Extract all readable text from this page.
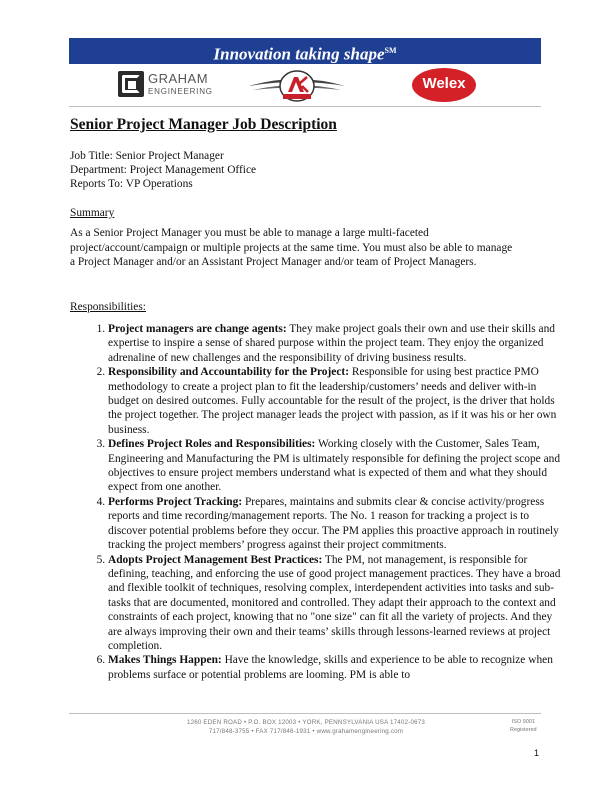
Innovation taking shape℠
GRAHAM
ENGINEERING	Welex
Senior Project Manager Job Description
Job Title: Senior Project Manager
Department: Project Management Office
Reports To: VP Operations
Summary
As a Senior Project Manager you must be able to manage a large multi-faceted project/account/campaign or multiple projects at the same time. You must also be able to manage a Project Manager and/or an Assistant Project Manager and/or team of Project Managers.
Responsibilities:
1. Project managers are change agents: They make project goals their own and use their skills and expertise to inspire a sense of shared purpose within the project team. They enjoy the organized adrenaline of new challenges and the responsibility of driving business results.
2. Responsibility and Accountability for the Project: Responsible for using best practice PMO methodology to create a project plan to fit the leadership/customers’ needs and deliver with-in budget on desired outcomes. Fully accountable for the result of the project, is the driver that holds the project together. The project manager leads the project with passion, as if it was his or her own business.
3. Defines Project Roles and Responsibilities: Working closely with the Customer, Sales Team, Engineering and Manufacturing the PM is ultimately responsible for defining the project scope and objectives to ensure project members understand what is expected of them and what they should expect from one another.
4. Performs Project Tracking: Prepares, maintains and submits clear & concise activity/progress reports and time recording/management reports. The No. 1 reason for tracking a project is to discover potential problems before they occur. The PM applies this proactive approach in routinely tracking the project members’ progress against their project commitments.
5. Adopts Project Management Best Practices: The PM, not management, is responsible for defining, teaching, and enforcing the use of good project management practices. They have a broad and flexible toolkit of techniques, resolving complex, interdependent activities into tasks and sub-tasks that are documented, monitored and controlled. They adapt their approach to the context and constraints of each project, knowing that no "one size" can fit all the variety of projects. And they are always improving their own and their teams’ skills through lessons-learned reviews at project completion.
6. Makes Things Happen: Have the knowledge, skills and experience to be able to recognize when problems surface or potential problems are looming. PM is able to
1260 EDEN ROAD • P.O. BOX 12003 • YORK, PENNSYLVANIA USA 17402-0673
717/848-3755 • FAX 717/846-1931 • www.grahamengineering.com
ISO 9001
Registered
1
